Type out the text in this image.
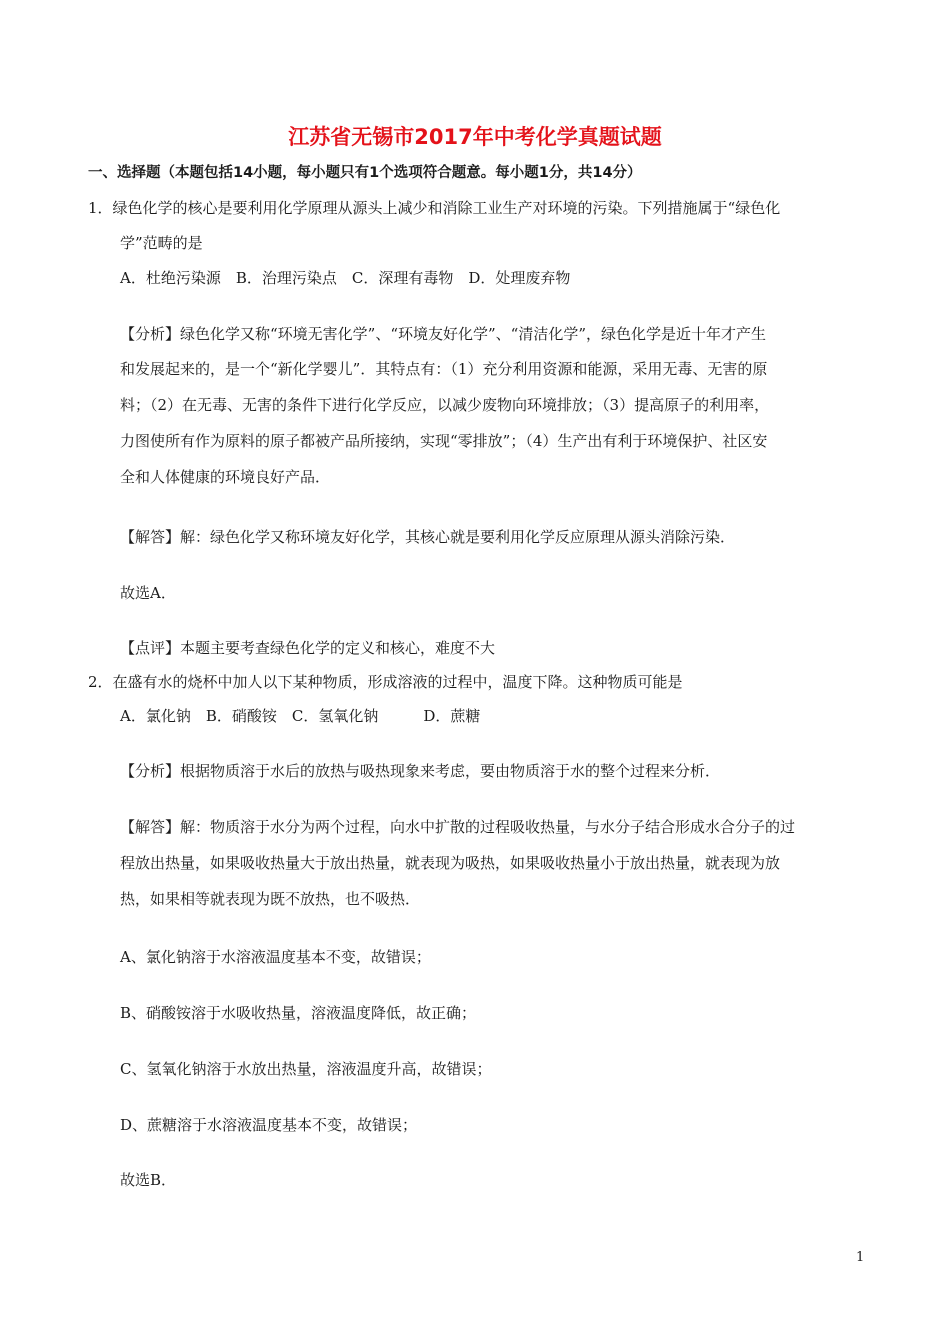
江苏省无锡市2017年中考化学真题试题
一、选择题（本题包括14小题，每小题只有1个选项符合题意。每小题1分，共14分）
1．绿色化学的核心是要利用化学原理从源头上减少和消除工业生产对环境的污染。下列措施属于“绿色化
学”范畴的是
A．杜绝污染源　B．治理污染点　C．深理有毒物　D．处理废弃物
【分析】绿色化学又称“环境无害化学”、“环境友好化学”、“清洁化学”，绿色化学是近十年才产生
和发展起来的，是一个“新化学婴儿”．其特点有：（1）充分利用资源和能源，采用无毒、无害的原
料；（2）在无毒、无害的条件下进行化学反应，以减少废物向环境排放；（3）提高原子的利用率，
力图使所有作为原料的原子都被产品所接纳，实现“零排放”；（4）生产出有利于环境保护、社区安
全和人体健康的环境良好产品．
【解答】解：绿色化学又称环境友好化学，其核心就是要利用化学反应原理从源头消除污染．
故选A．
【点评】本题主要考查绿色化学的定义和核心，难度不大
2．在盛有水的烧杯中加人以下某种物质，形成溶液的过程中，温度下降。这种物质可能是
A．氯化钠　B．硝酸铵　C．氢氧化钠　　　D．蔗糖
【分析】根据物质溶于水后的放热与吸热现象来考虑，要由物质溶于水的整个过程来分析．
【解答】解：物质溶于水分为两个过程，向水中扩散的过程吸收热量，与水分子结合形成水合分子的过
程放出热量，如果吸收热量大于放出热量，就表现为吸热，如果吸收热量小于放出热量，就表现为放
热，如果相等就表现为既不放热，也不吸热．
A、氯化钠溶于水溶液温度基本不变，故错误；
B、硝酸铵溶于水吸收热量，溶液温度降低，故正确；
C、氢氧化钠溶于水放出热量，溶液温度升高，故错误；
D、蔗糖溶于水溶液温度基本不变，故错误；
故选B．
1
